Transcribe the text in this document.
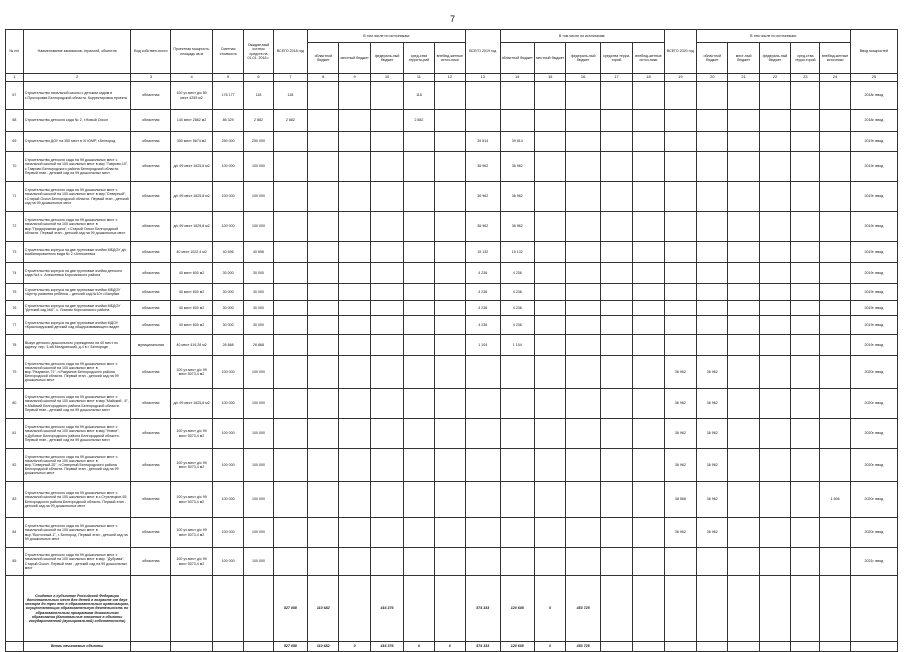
7
№ п/п	Наименование заказчиков, отраслей, объектов	Вид собствен-ности	Проектная мощность, площадь кв.м	Сметная стоимость	Ожидае-мый остаток средств на 01.01. 2018 г.	ВСЕГО 2018 год	В том числе по источникам:					ВСЕГО 2019 год	В том числе по источникам:					ВСЕГО 2020 год	В том числе по источникам:					Ввод мощностей
							областной бюджет	местный бюджет	федераль-ный бюджет	сред-ства террито-рий	внебюд-жетные источ-ники		областной бюджет	местный бюджет	федераль-ный бюджет	средства терри-торий	внебюд-жетные источ-ники		областной бюджет	мест-ный бюджет	федераль-ный бюджет	сред-ства терри-торий	внебюд-жетные источники	
1	2	3	4	5	6	7	8	9	10	11	12	13	14	15	16	17	18	19	20	21	22	23	24	25
67	Строительство начальной школы с детским садом в с.Прохоровка Белгородской области. Корректировка проекта	областная	100 уч.мест д/с 80 мест 4259 м2	176 177	118	118				118														2018г. ввод
68	Строительство детского сада № 2, г.Новый Оскол	областная	140 мест 2862 м2	86 329	2 882	2 882				2 882														2018г. ввод
69	Строительство ДОУ на 350 мест в XI ЮМР, г.Белгород	областная	350 мест 5674 м2	250 000	250 000							39 814	39 814											2019г. ввод
70	Строительство детского сада на 99 дошкольных мест с начальной школой на 100 школьных мест в мкр."Таврово-10", с.Таврово Белгородского района Белгородской области. Первый этап - детский сад на 99 дошкольных мест	областная	д/с 99 мест 1625,8 м2	100 000	100 000							36 962	36 962											2019г. ввод
71	Строительство детского сада на 99 дошкольных мест с начальной школой на 100 школьных мест в мкр."Северный", г.Старый Оскол Белгородской области. Первый этап - детский сад на 99 дошкольных мест	областная	д/с 99 мест 1625,8 м2	100 000	100 000							36 962	36 962											2019г. ввод
72	Строительство детского сада на 99 дошкольных мест с начальной школой на 100 школьных мест в мкр."Придорожная дача", г.Старый Оскол Белгородской области. Первый этап - детский сад на 99 дошкольных мест	областная	д/с 99 мест 1625,8 м2	100 000	100 000							36 962	36 962											2019г. ввод
73	Строительство корпуса на две групповые ячейки МБДОУ д/с комбинированного вида № 2 г.Алексеевка	областная	40 мест 1022,4 м2	40 696	40 696							15 132	15 132											2019г. ввод
74	Строительство корпуса на две групповые ячейки детского сада №4 с. Алексеевка Корочанского района	областная	40 мест 600 м2	30 000	30 000							4 236	4 236											2019г. ввод
75	Строительство корпуса на две групповые ячейки МБДОУ «Центр развития ребёнка – детский сад №10» г.Валуйки	областная	40 мест 600 м2	30 000	30 000							4 236	4 236											2019г. ввод
76	Строительство корпуса на две групповые ячейки МБДОУ "Детский сад №6", с. Ломово Корочанского района	областная	40 мест 600 м2	30 000	30 000							4 236	4 236											2019г. ввод
77	Строительство корпуса на две групповые ячейки МДОУ «Красноярузский детский сад общеразвивающего вида»	областная	40 мест 600 м2	30 000	30 000							4 236	4 236											2019г. ввод
78	Выкуп детского дошкольного учреждения на 40 мест по адресу: пер. 3-ий Мичуринский, д.4 в г. Белгороде	муниципальная	40 мест 419,28 м2	26 868	26 868							1 104	1 104											2019г. ввод
79	Строительство детского сада на 99 дошкольных мест с начальной школой на 100 школьных мест в мкр."Разумное-71", п.Разумное Белгородского района Белгородской области. Первый этап - детский сад на 99 дошкольных мест	областная	100 уч.мест д/с 99 мест 5073,4 м2	100 000	100 000													36 962	36 962					2020г. ввод
80	Строительство детского сада на 99 дошкольных мест с начальной школой на 100 школьных мест в мкр."Майский - 6", п.Майский Белгородского района Белгородской области. Первый этап - детский сад на 99 дошкольных мест	областная	д/с 99 мест 1625,8 м2	100 000	100 000													36 962	36 962					2020г. ввод
81	Строительство детского сада на 99 дошкольных мест с начальной школой на 100 школьных мест в мкр."Новое", п.Дубовое Белгородского района Белгородской области. Первый этап - детский сад на 99 дошкольных мест	областная	100 уч.мест д/с 99 мест 5073,4 м2	100 000	100 000													36 962	36 962					2020г. ввод
82	Строительство детского сада на 99 дошкольных мест с начальной школой на 100 школьных мест в мкр."Северный-20", п.Северный Белгородского района Белгородской области. Первый этап - детский сад на 99 дошкольных мест	областная	100 уч.мест д/с 99 мест 5073,4 м2	100 000	100 000													36 962	36 962					2020г. ввод
83	Строительство детского сада на 99 дошкольных мест с начальной школой на 100 школьных мест в с.Стрелецкое-55 Белгородского района Белгородской области. Первый этап - детский сад на 99 дошкольных мест	областная	100 уч.мест д/с 99 мест 5073,4 м2	100 000	100 000													38 568	36 962				1 606	2020г. ввод
84	Строительство детского сада на 99 дошкольных мест с начальной школой на 100 школьных мест в мкр."Восточный-1", г. Белгород. Первый этап - детский сад на 99 дошкольных мест	областная	100 уч.мест д/с 99 мест 5073,4 м2	100 000	100 000													36 962	36 962					2020г. ввод
85	Строительство детского сада на 99 дошкольных мест с начальной школой на 100 школьных мест в мкр. "Дубрава", Старый Оскол. Первый этап - детский сад на 99 дошкольных мест	областная	100 уч.мест д/с 99 мест 5073,4 м2	100 000	100 000																			2021г. ввод
	Создание в субъектах Российской Федерации дополнительных мест для детей в возрасте от двух месяцев до трех лет в образовательных организациях, осуществляющих образовательную деятельность по образовательным программам дошкольного образования (Капитальные вложения в объекты государственной (муниципальной) собственности)					527 058	110 682		416 376			574 333	120 608	0	453 725									
	Вновь начинаемые объекты					527 058	110 682	0	416 376	0	0	574 333	120 608	0	453 725									
